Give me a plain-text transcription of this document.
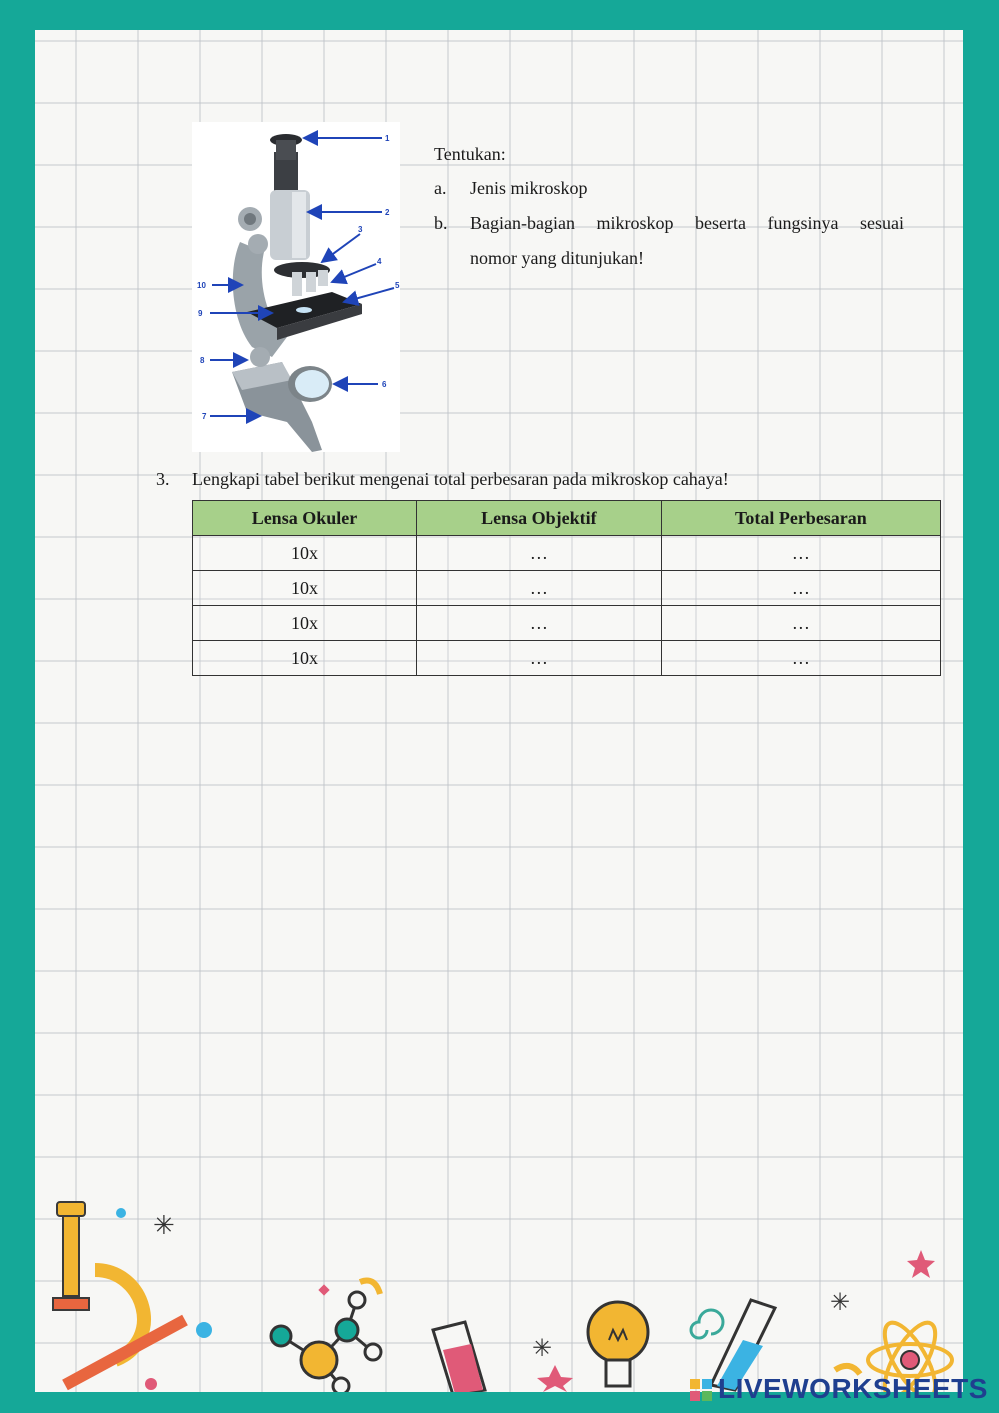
1
2
3
4
5
6
7
8
9
10
Tentukan:
a. Jenis mikroskop
b. Bagian-bagian mikroskop beserta fungsinya sesuai
nomor yang ditunjukan!
3. Lengkapi tabel berikut mengenai total perbesaran pada mikroskop cahaya!
Lensa Okuler	Lensa Objektif	Total Perbesaran
10x	…	…
10x	…	…
10x	…	…
10x	…	…
✳
✳
✳
LIVEWORKSHEETS
